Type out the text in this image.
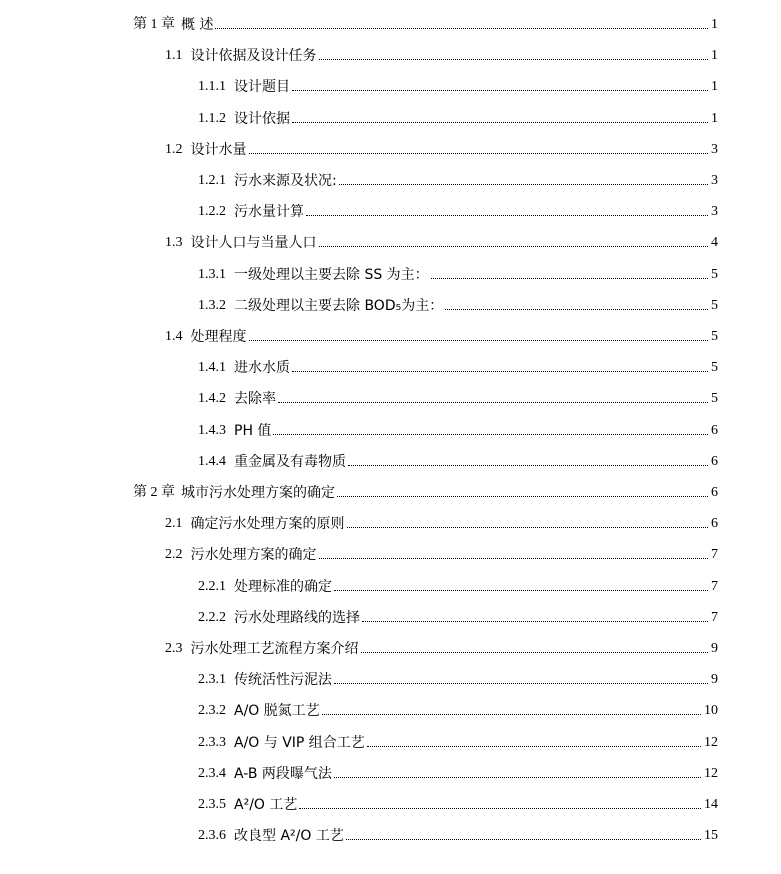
第 1 章 概 述	1
1.1 设计依据及设计任务	1
1.1.1 设计题目	1
1.1.2 设计依据	1
1.2 设计水量	3
1.2.1 污水来源及状况:	3
1.2.2 污水量计算	3
1.3 设计人口与当量人口	4
1.3.1 一级处理以主要去除 SS 为主：	5
1.3.2 二级处理以主要去除 BOD₅为主：	5
1.4 处理程度	5
1.4.1 进水水质	5
1.4.2 去除率	5
1.4.3 PH 值	6
1.4.4 重金属及有毒物质	6
第 2 章 城市污水处理方案的确定	6
2.1 确定污水处理方案的原则	6
2.2 污水处理方案的确定	7
2.2.1 处理标准的确定	7
2.2.2 污水处理路线的选择	7
2.3 污水处理工艺流程方案介绍	9
2.3.1 传统活性污泥法	9
2.3.2 A/O 脱氮工艺	10
2.3.3 A/O 与 VIP 组合工艺	12
2.3.4 A-B 两段曝气法	12
2.3.5 A²/O 工艺	14
2.3.6 改良型 A²/O 工艺	15
